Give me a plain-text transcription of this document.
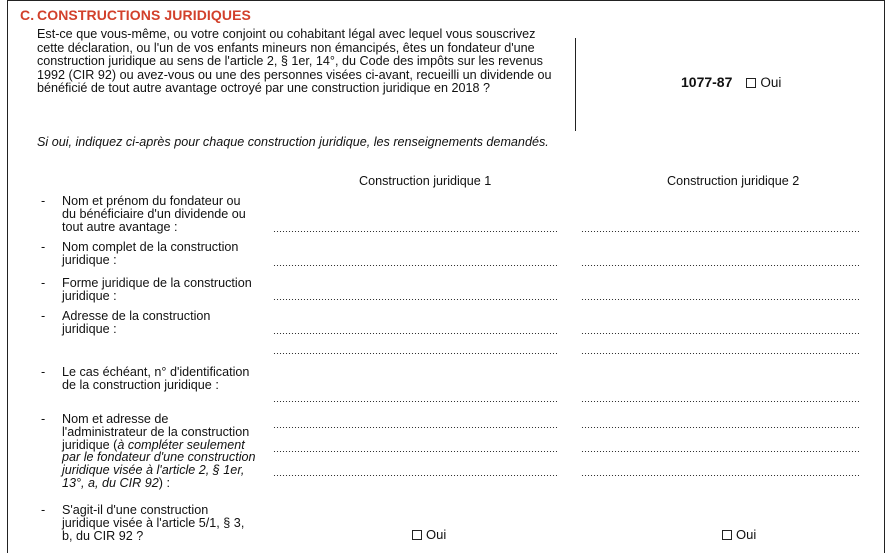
C. CONSTRUCTIONS JURIDIQUES
Est-ce que vous-même, ou votre conjoint ou cohabitant légal avec lequel vous souscrivez cette déclaration, ou l'un de vos enfants mineurs non émancipés, êtes un fondateur d'une construction juridique au sens de l'article 2, § 1er, 14°, du Code des impôts sur les revenus 1992 (CIR 92) ou avez-vous ou une des personnes visées ci-avant, recueilli un dividende ou bénéficié de tout autre avantage octroyé par une construction juridique en 2018 ?	1077-87	Oui
Si oui, indiquez ci-après pour chaque construction juridique, les renseignements demandés.
Construction juridique 1	Construction juridique 2
- Nom et prénom du fondateur ou du bénéficiaire d'un dividende ou tout autre avantage :
- Nom complet de la construction juridique :
- Forme juridique de la construction juridique :
- Adresse de la construction juridique :
- Le cas échéant, n° d'identification de la construction juridique :
- Nom et adresse de l'administrateur de la construction juridique (à compléter seulement par le fondateur d'une construction juridique visée à l'article 2, § 1er, 13°, a, du CIR 92) :
- S'agit-il d'une construction juridique visée à l'article 5/1, § 3, b, du CIR 92 ?	Oui	Oui
